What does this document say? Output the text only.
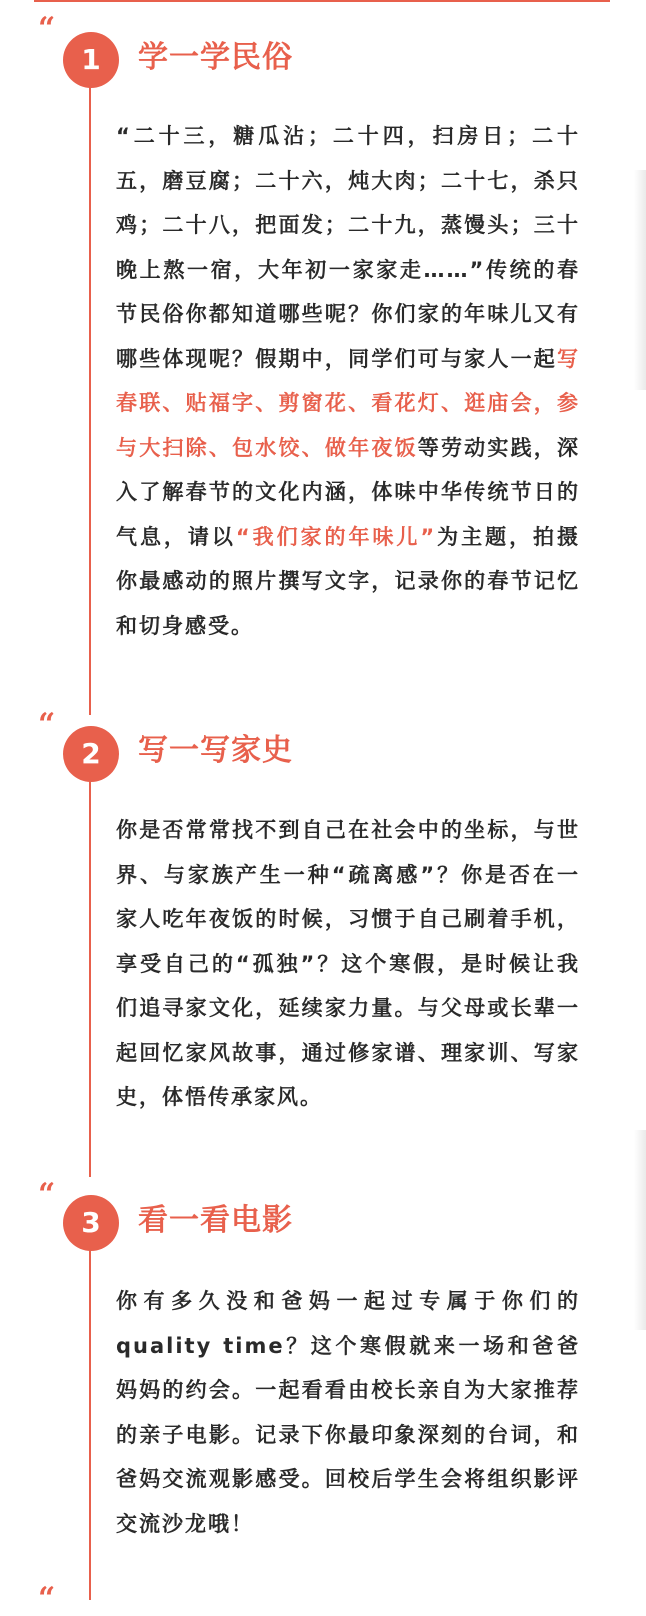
“
1	学一学民俗

“二十三，糖瓜沾；二十四，扫房日；二十五，磨豆腐；二十六，炖大肉；二十七，杀只鸡；二十八，把面发；二十九，蒸馒头；三十晚上熬一宿，大年初一家家走……”传统的春节民俗你都知道哪些呢？你们家的年味儿又有哪些体现呢？假期中，同学们可与家人一起写春联、贴福字、剪窗花、看花灯、逛庙会，参与大扫除、包水饺、做年夜饭等劳动实践，深入了解春节的文化内涵，体味中华传统节日的气息，请以“我们家的年味儿”为主题，拍摄你最感动的照片撰写文字，记录你的春节记忆和切身感受。

“
2	写一写家史

你是否常常找不到自己在社会中的坐标，与世界、与家族产生一种“疏离感”？你是否在一家人吃年夜饭的时候，习惯于自己刷着手机，享受自己的“孤独”？这个寒假，是时候让我们追寻家文化，延续家力量。与父母或长辈一起回忆家风故事，通过修家谱、理家训、写家史，体悟传承家风。

“
3	看一看电影

你有多久没和爸妈一起过专属于你们的quality time？这个寒假就来一场和爸爸妈妈的约会。一起看看由校长亲自为大家推荐的亲子电影。记录下你最印象深刻的台词，和爸妈交流观影感受。回校后学生会将组织影评交流沙龙哦！

“
